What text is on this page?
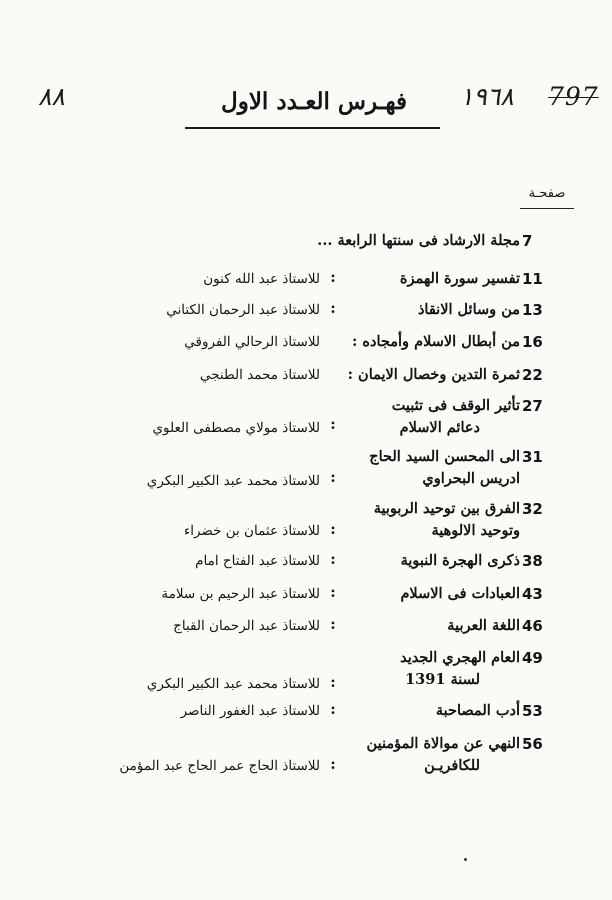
٨٨	فهـرس العـدد الاول	١٩٦٨ 797
صفحـة
7
مجلة الارشاد فى سنتها الرابعة ...
11
تفسير سورة الهمزة
:
للاستاذ عبد الله كنون
13
من وسائل الانقاذ
:
للاستاذ عبد الرحمان الكتاني
16
من أبطال الاسلام وأمجاده :
للاستاذ الرحالي الفروقي
22
ثمرة التدين وخصال الايمان :
للاستاذ محمد الطنجي
27
تأثير الوقف فى تثبيت
دعائم الاسلام
:
للاستاذ مولاي مصطفى العلوي
31
الى المحسن السيد الحاج
ادريس البحراوي
:
للاستاذ محمد عبد الكبير البكري
32
الفرق بين توحيد الربوبية
وتوحيد الالوهية
:
للاستاذ عثمان بن خضراء
38
ذكرى الهجرة النبوية
:
للاستاذ عبد الفتاح امام
43
العبادات فى الاسلام
:
للاستاذ عبد الرحيم بن سلامة
46
اللغة العربية
:
للاستاذ عبد الرحمان القباج
49
العام الهجري الجديد
لسنة 1391
:
للاستاذ محمد عبد الكبير البكري
53
أدب المصاحبة
:
للاستاذ عبد الغفور الناصر
56
النهي عن موالاة المؤمنين
للكافريـن
:
للاستاذ الحاج عمر الحاج عبد المؤمن
